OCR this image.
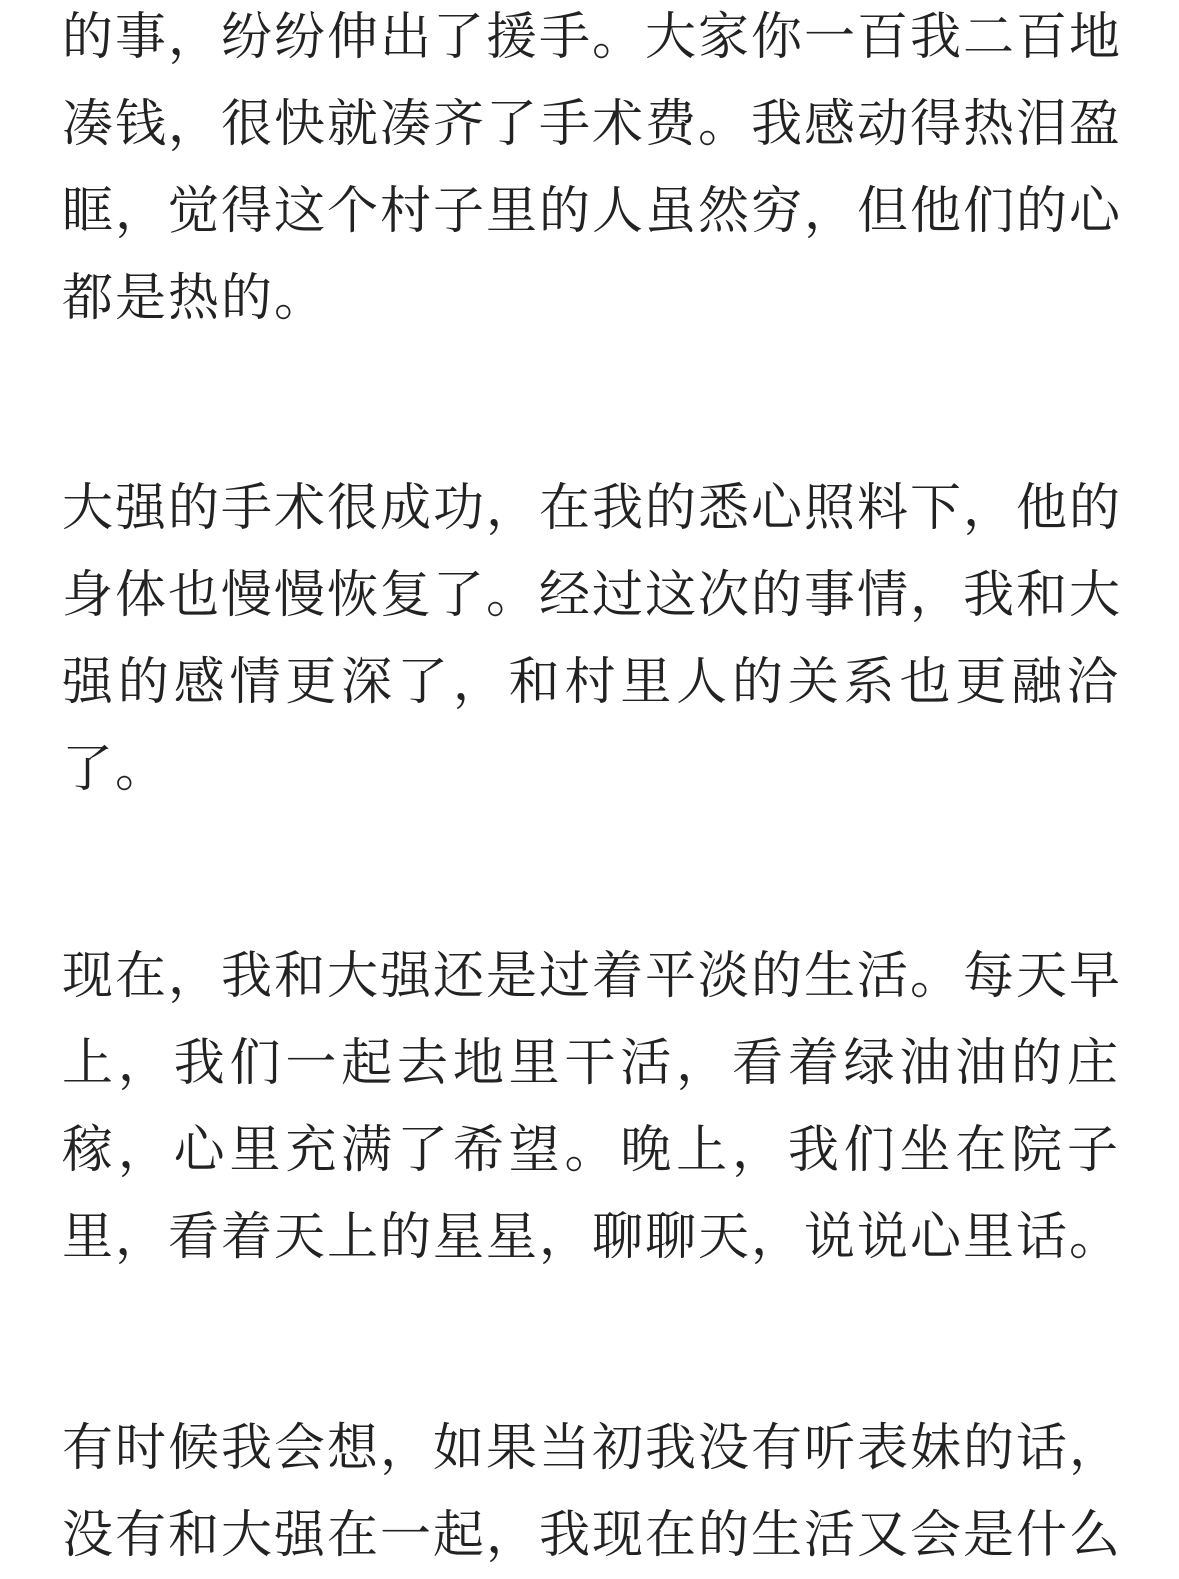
的事，纷纷伸出了援手。大家你一百我二百地
凑钱，很快就凑齐了手术费。我感动得热泪盈
眶，觉得这个村子里的人虽然穷，但他们的心
都是热的。

大强的手术很成功，在我的悉心照料下，他的
身体也慢慢恢复了。经过这次的事情，我和大
强的感情更深了，和村里人的关系也更融洽
了。

现在，我和大强还是过着平淡的生活。每天早
上，我们一起去地里干活，看着绿油油的庄
稼，心里充满了希望。晚上，我们坐在院子
里，看着天上的星星，聊聊天，说说心里话。

有时候我会想，如果当初我没有听表妹的话，
没有和大强在一起，我现在的生活又会是什么
